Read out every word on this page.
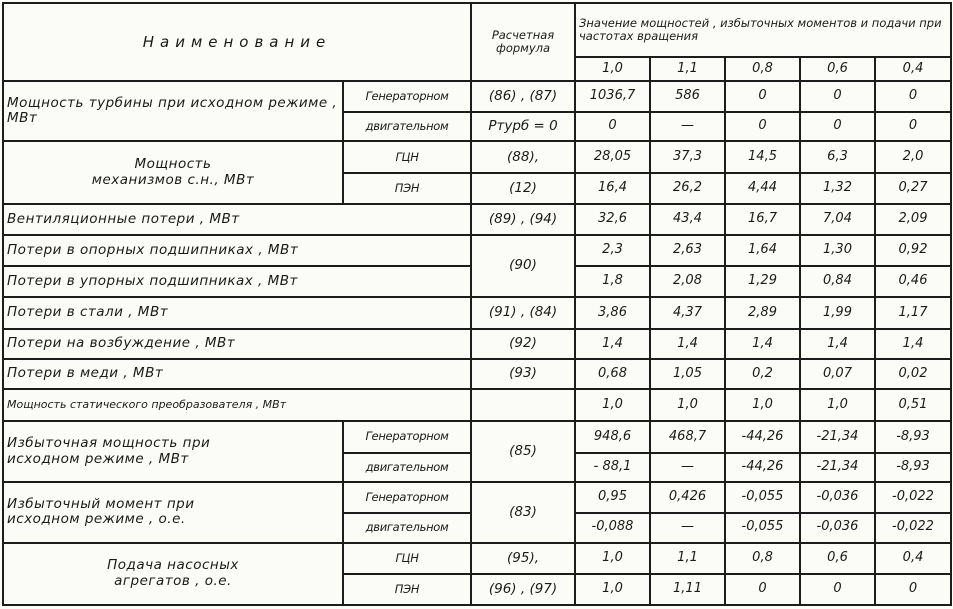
Наименование		Расчетная
формула	Значение мощностей , избыточных моментов и подачи при частотах вращения				
			1,0	1,1	0,8	0,6	0,4
Мощность турбины при исходном режиме , МВт	Генераторном	(86) , (87)	1036,7	586	0	0	0
	двигательном	Pтурб = 0	0	—	0	0	0
Мощность
механизмов с.н., МВт	ГЦН	(88),	28,05	37,3	14,5	6,3	2,0
	ПЭН	(12)	16,4	26,2	4,44	1,32	0,27
Вентиляционные потери , МВт		(89) , (94)	32,6	43,4	16,7	7,04	2,09
Потери в опорных подшипниках , МВт		(90)	2,3	2,63	1,64	1,30	0,92
Потери в упорных подшипниках , МВт			1,8	2,08	1,29	0,84	0,46
Потери в стали , МВт		(91) , (84)	3,86	4,37	2,89	1,99	1,17
Потери на возбуждение , МВт		(92)	1,4	1,4	1,4	1,4	1,4
Потери в меди , МВт		(93)	0,68	1,05	0,2	0,07	0,02
Мощность статического преобразователя , МВт			1,0	1,0	1,0	1,0	0,51
Избыточная мощность при
исходном режиме , МВт	Генераторном	(85)	948,6	468,7	-44,26	-21,34	-8,93
	двигательном		- 88,1	—	-44,26	-21,34	-8,93
Избыточный момент при
исходном режиме , о.е.	Генераторном	(83)	0,95	0,426	-0,055	-0,036	-0,022
	двигательном		-0,088	—	-0,055	-0,036	-0,022
Подача насосных
агрегатов , о.е.	ГЦН	(95),	1,0	1,1	0,8	0,6	0,4
	ПЭН	(96) , (97)	1,0	1,11	0	0	0
